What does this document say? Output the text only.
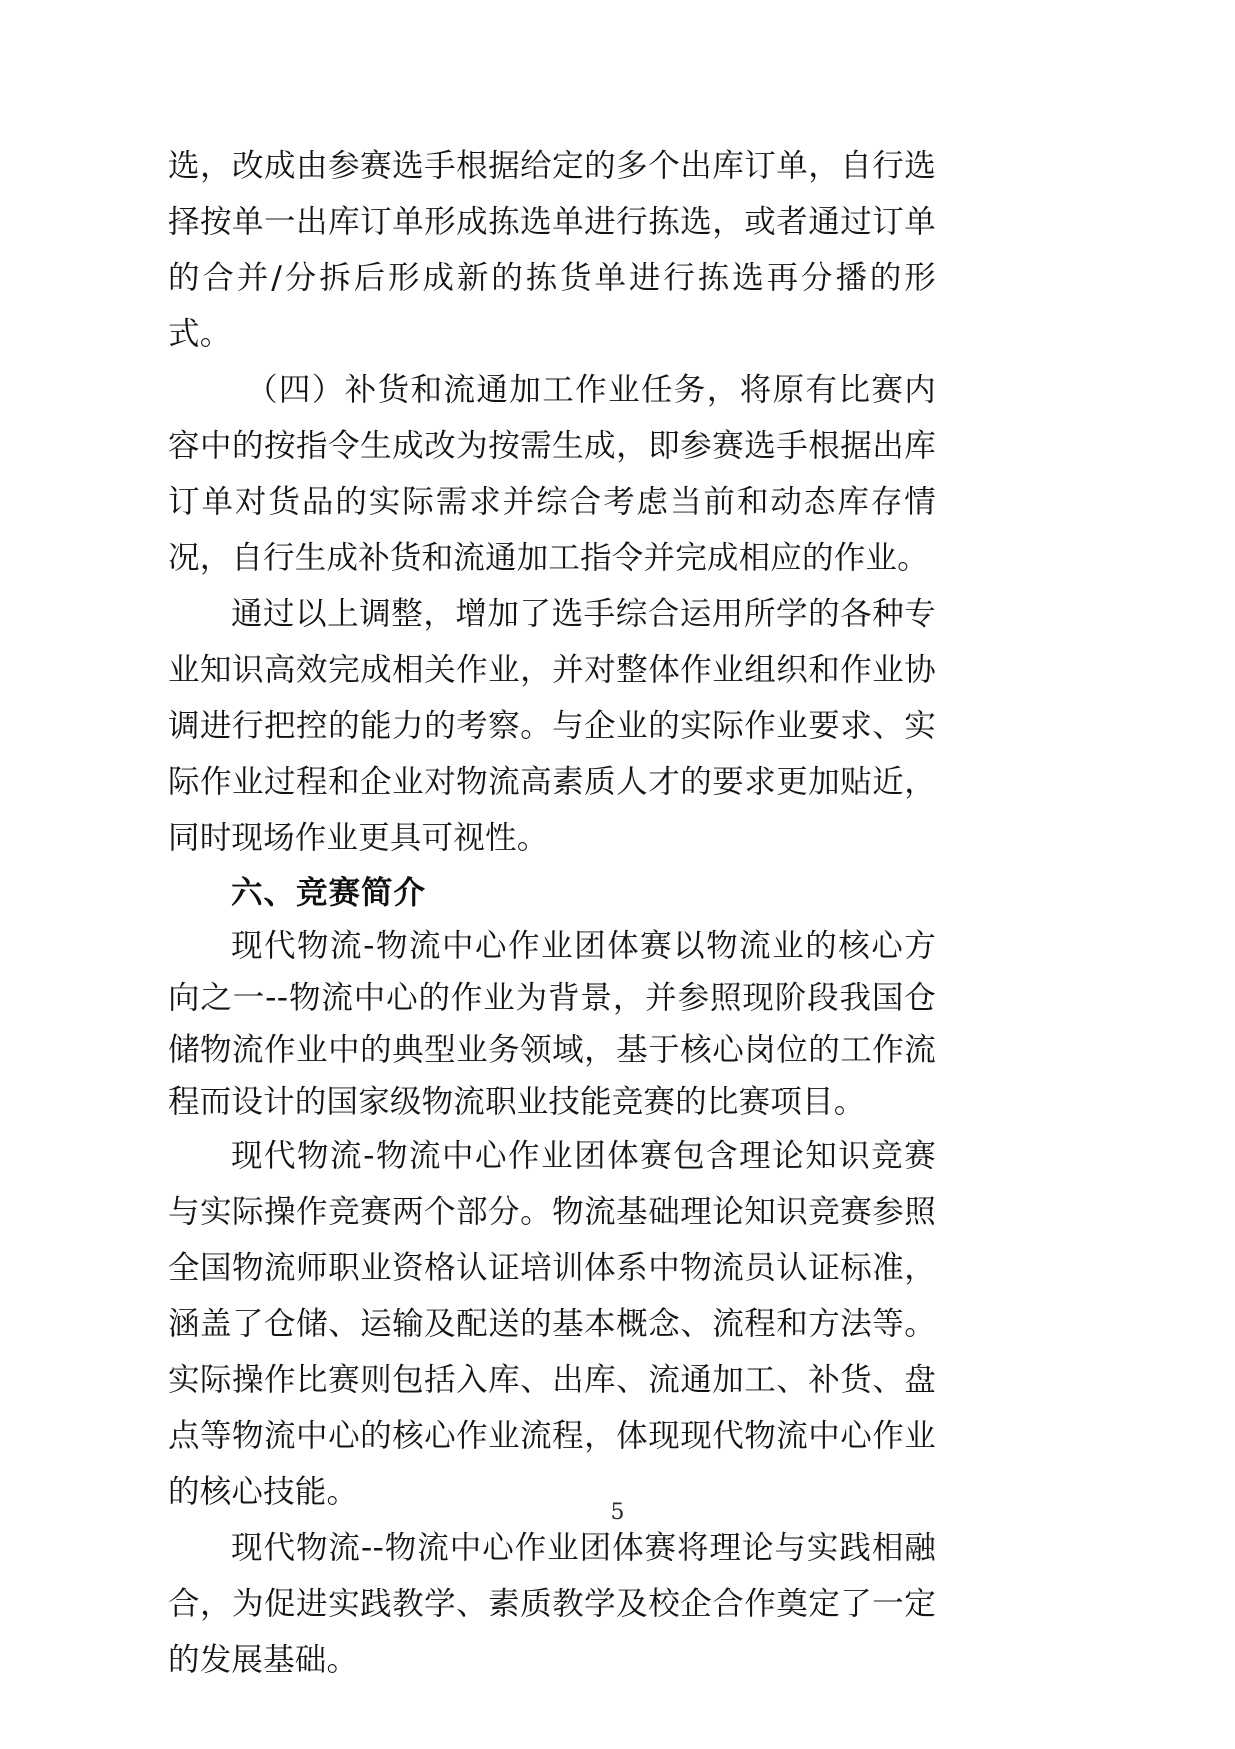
选，改成由参赛选手根据给定的多个出库订单，自行选择按单一出库订单形成拣选单进行拣选，或者通过订单的合并/分拆后形成新的拣货单进行拣选再分播的形式。

（四）补货和流通加工作业任务，将原有比赛内容中的按指令生成改为按需生成，即参赛选手根据出库订单对货品的实际需求并综合考虑当前和动态库存情况，自行生成补货和流通加工指令并完成相应的作业。

通过以上调整，增加了选手综合运用所学的各种专业知识高效完成相关作业，并对整体作业组织和作业协调进行把控的能力的考察。与企业的实际作业要求、实际作业过程和企业对物流高素质人才的要求更加贴近，同时现场作业更具可视性。

六、竞赛简介

现代物流-物流中心作业团体赛以物流业的核心方向之一--物流中心的作业为背景，并参照现阶段我国仓储物流作业中的典型业务领域，基于核心岗位的工作流程而设计的国家级物流职业技能竞赛的比赛项目。

现代物流-物流中心作业团体赛包含理论知识竞赛与实际操作竞赛两个部分。物流基础理论知识竞赛参照全国物流师职业资格认证培训体系中物流员认证标准，涵盖了仓储、运输及配送的基本概念、流程和方法等。实际操作比赛则包括入库、出库、流通加工、补货、盘点等物流中心的核心作业流程，体现现代物流中心作业的核心技能。

现代物流--物流中心作业团体赛将理论与实践相融合，为促进实践教学、素质教学及校企合作奠定了一定的发展基础。

5
